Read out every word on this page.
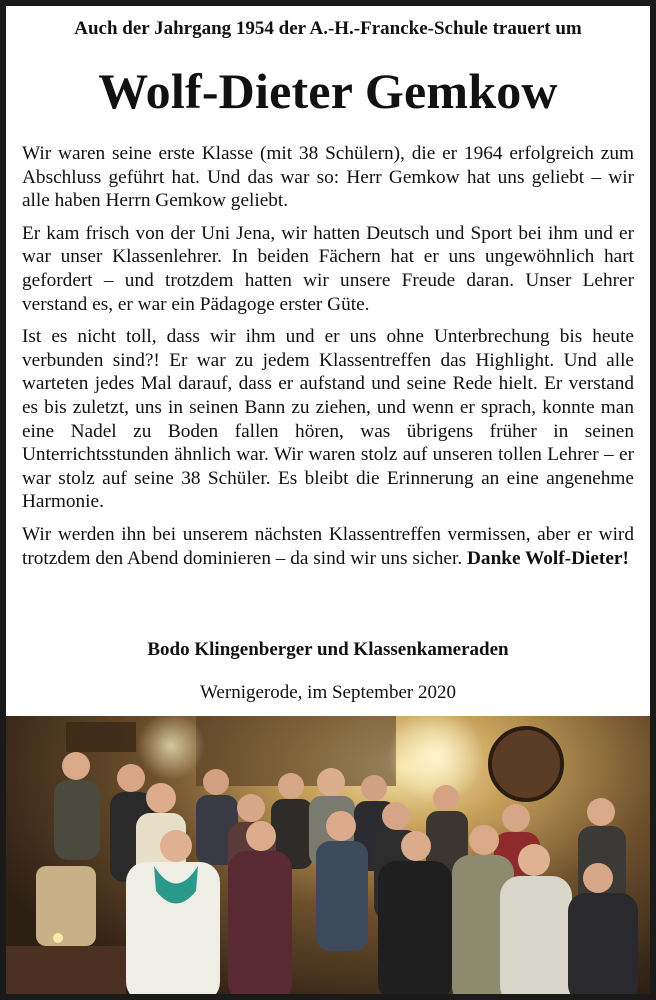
Auch der Jahrgang 1954 der A.-H.-Francke-Schule trauert um

Wolf-Dieter Gemkow

Wir waren seine erste Klasse (mit 38 Schülern), die er 1964 erfolgreich zum Abschluss geführt hat. Und das war so: Herr Gemkow hat uns geliebt – wir alle haben Herrn Gemkow geliebt.

Er kam frisch von der Uni Jena, wir hatten Deutsch und Sport bei ihm und er war unser Klassenlehrer. In beiden Fächern hat er uns ungewöhnlich hart gefordert – und trotzdem hatten wir unsere Freude daran. Unser Lehrer verstand es, er war ein Pädagoge erster Güte.

Ist es nicht toll, dass wir ihm und er uns ohne Unterbrechung bis heute verbunden sind?! Er war zu jedem Klassentreffen das Highlight. Und alle warteten jedes Mal darauf, dass er aufstand und seine Rede hielt. Er verstand es bis zuletzt, uns in seinen Bann zu ziehen, und wenn er sprach, konnte man eine Nadel zu Boden fallen hören, was übrigens früher in seinen Unterrichtsstunden ähnlich war. Wir waren stolz auf unseren tollen Lehrer – er war stolz auf seine 38 Schüler. Es bleibt die Erinnerung an eine angenehme Harmonie.

Wir werden ihn bei unserem nächsten Klassentreffen vermissen, aber er wird trotzdem den Abend dominieren – da sind wir uns sicher. Danke Wolf-Dieter!

Bodo Klingenberger und Klassenkameraden

Wernigerode, im September 2020
